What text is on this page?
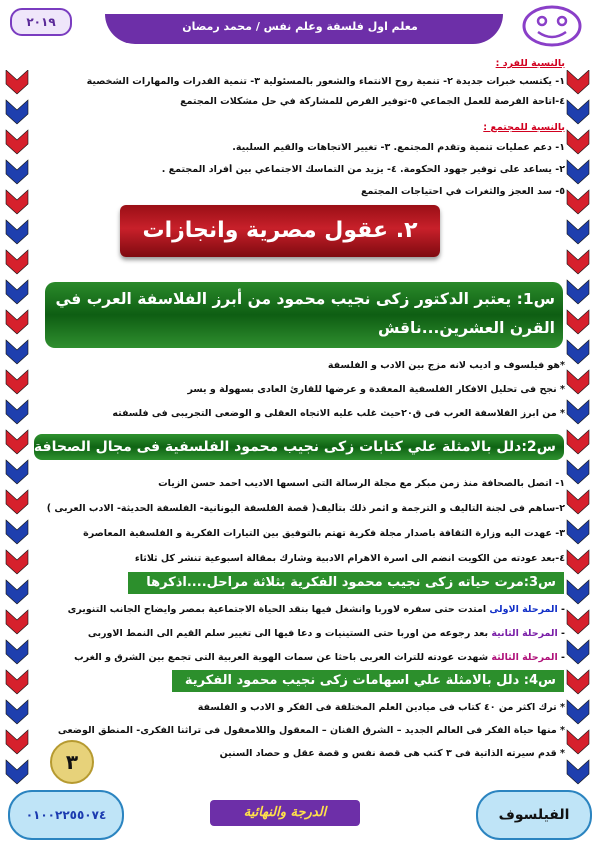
٢٠١٩	معلم اول فلسفة وعلم نفس / محمد رمضان
بالنسبة للفرد :
١- يكتسب خبرات جديدة ٢- تنمية روح الانتماء والشعور بالمسئولية ٣- تنمية القدرات والمهارات الشخصية
٤-اتاحة الفرصة للعمل الجماعي ٥-توفير الفرص للمشاركة في حل مشكلات المجتمع
بالنسبة للمجتمع :
١- دعم عمليات تنمية وتقدم المجتمع. ٣- تغيير الاتجاهات والقيم السلبية.
٢- يساعد على توفير جهود الحكومة. ٤- يزيد من التماسك الاجتماعي بين أفراد المجتمع .
٥- سد العجز والثغرات في احتياجات المجتمع
٢. عقول مصرية وانجازات
س1: يعتبر الدكتور زكى نجيب محمود من أبرز الفلاسفة العرب في القرن العشرين...ناقش
*هو فيلسوف و اديب لانه مزج بين الادب و الفلسفة
* نجح فى تحليل الافكار الفلسفية المعقدة و عرضها للقارئ العادى بسهولة و يسر
* من ابرز الفلاسفة العرب فى ق٢٠حيث غلب عليه الاتجاه العقلى و الوضعى التجريبى فى فلسفته
س2:دلل بالامثلة علي كتابات زكى نجيب محمود الفلسفية فى مجال الصحافة
١- اتصل بالصحافة منذ زمن مبكر مع مجلة الرسالة التى اسسها الاديب احمد حسن الزيات
٢-ساهم فى لجنة التاليف و الترجمة و اثمر ذلك بتأليف( قصة الفلسفة اليونانية- الفلسفة الحديثة- الادب العربى )
٣- عهدت اليه وزارة الثقافة باصدار مجلة فكرية تهتم بالتوفيق بين التيارات الفكرية و الفلسفية المعاصرة
٤-بعد عودته من الكويت انضم الى اسرة الاهرام الادبية وشارك بمقالة اسبوعية تنشر كل ثلاثاء
س3:مرت حياته زكى نجيب محمود الفكرية بثلاثة مراحل....اذكرها
- المرحلة الاولى امتدت حتى سفره لاوربا وانشغل فيها بنقد الحياة الاجتماعية بمصر وايضاح الجانب التنويرى
- المرحلة الثانية بعد رجوعه من اوربا حتى الستينيات و دعا فيها الى تغيير سلم القيم الى النمط الاوربى
- المرحلة الثالثة شهدت عودته للتراث العربى باحثا عن سمات الهوية العربية التى تجمع بين الشرق و الغرب
س4: دلل بالامثلة علي اسهامات زكى نجيب محمود الفكرية
* ترك اكثر من ٤٠ كتاب فى ميادين العلم المختلفة فى الفكر و الادب و الفلسفة
* منها حياة الفكر فى العالم الجديد – الشرق الفنان – المعقول واللامعقول فى تراثنا الفكرى- المنطق الوضعى
* قدم سيرته الذاتية فى ٣ كتب هى قصة نفس و قصة عقل و حصاد السنين
٣
٠١٠٠٢٢٥٥٠٧٤	الدرجة والنهائية	الفيلسوف
